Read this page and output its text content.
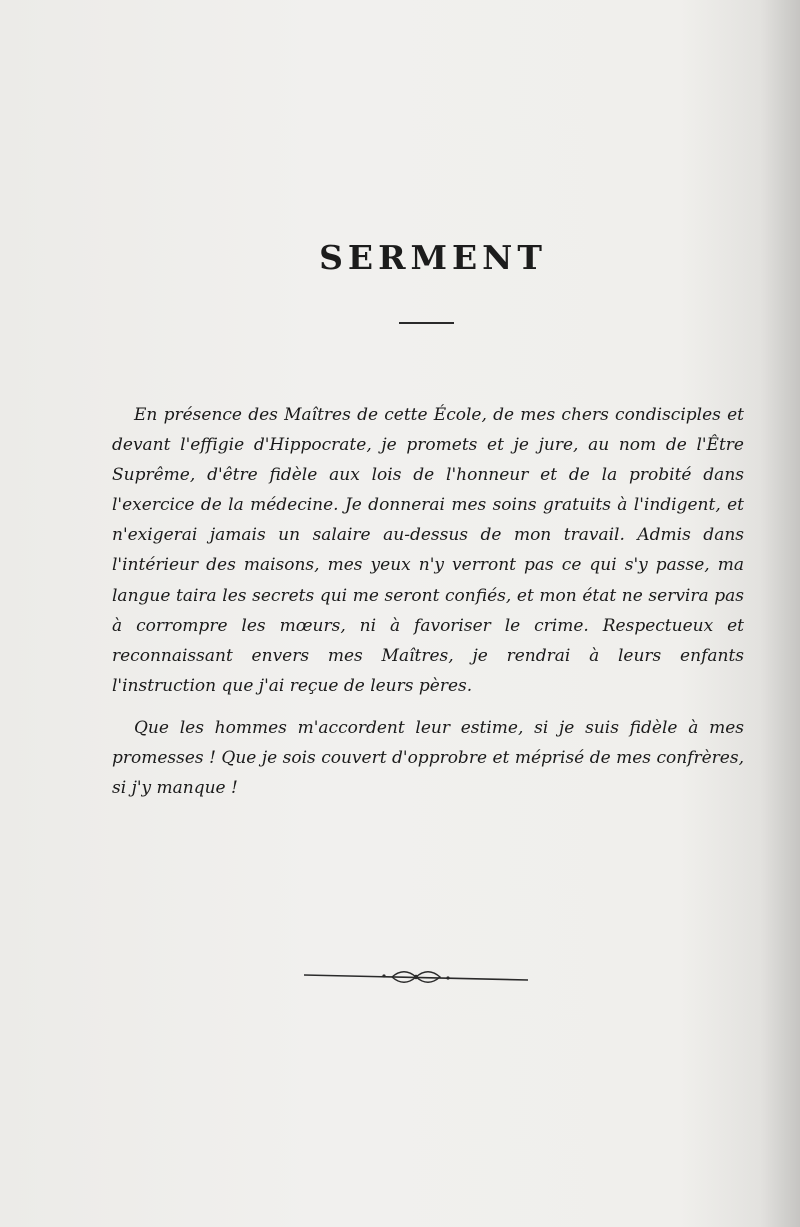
SERMENT

En présence des Maîtres de cette École, de mes chers condisciples et devant l'effigie d'Hippocrate, je promets et je jure, au nom de l'Être Suprême, d'être fidèle aux lois de l'honneur et de la probité dans l'exercice de la médecine. Je donnerai mes soins gratuits à l'indigent, et n'exigerai jamais un salaire au-dessus de mon travail. Admis dans l'intérieur des maisons, mes yeux n'y verront pas ce qui s'y passe, ma langue taira les secrets qui me seront confiés, et mon état ne servira pas à corrompre les mœurs, ni à favoriser le crime. Respectueux et reconnaissant envers mes Maîtres, je rendrai à leurs enfants l'instruction que j'ai reçue de leurs pères.

Que les hommes m'accordent leur estime, si je suis fidèle à mes promesses ! Que je sois couvert d'opprobre et méprisé de mes confrères, si j'y manque !
